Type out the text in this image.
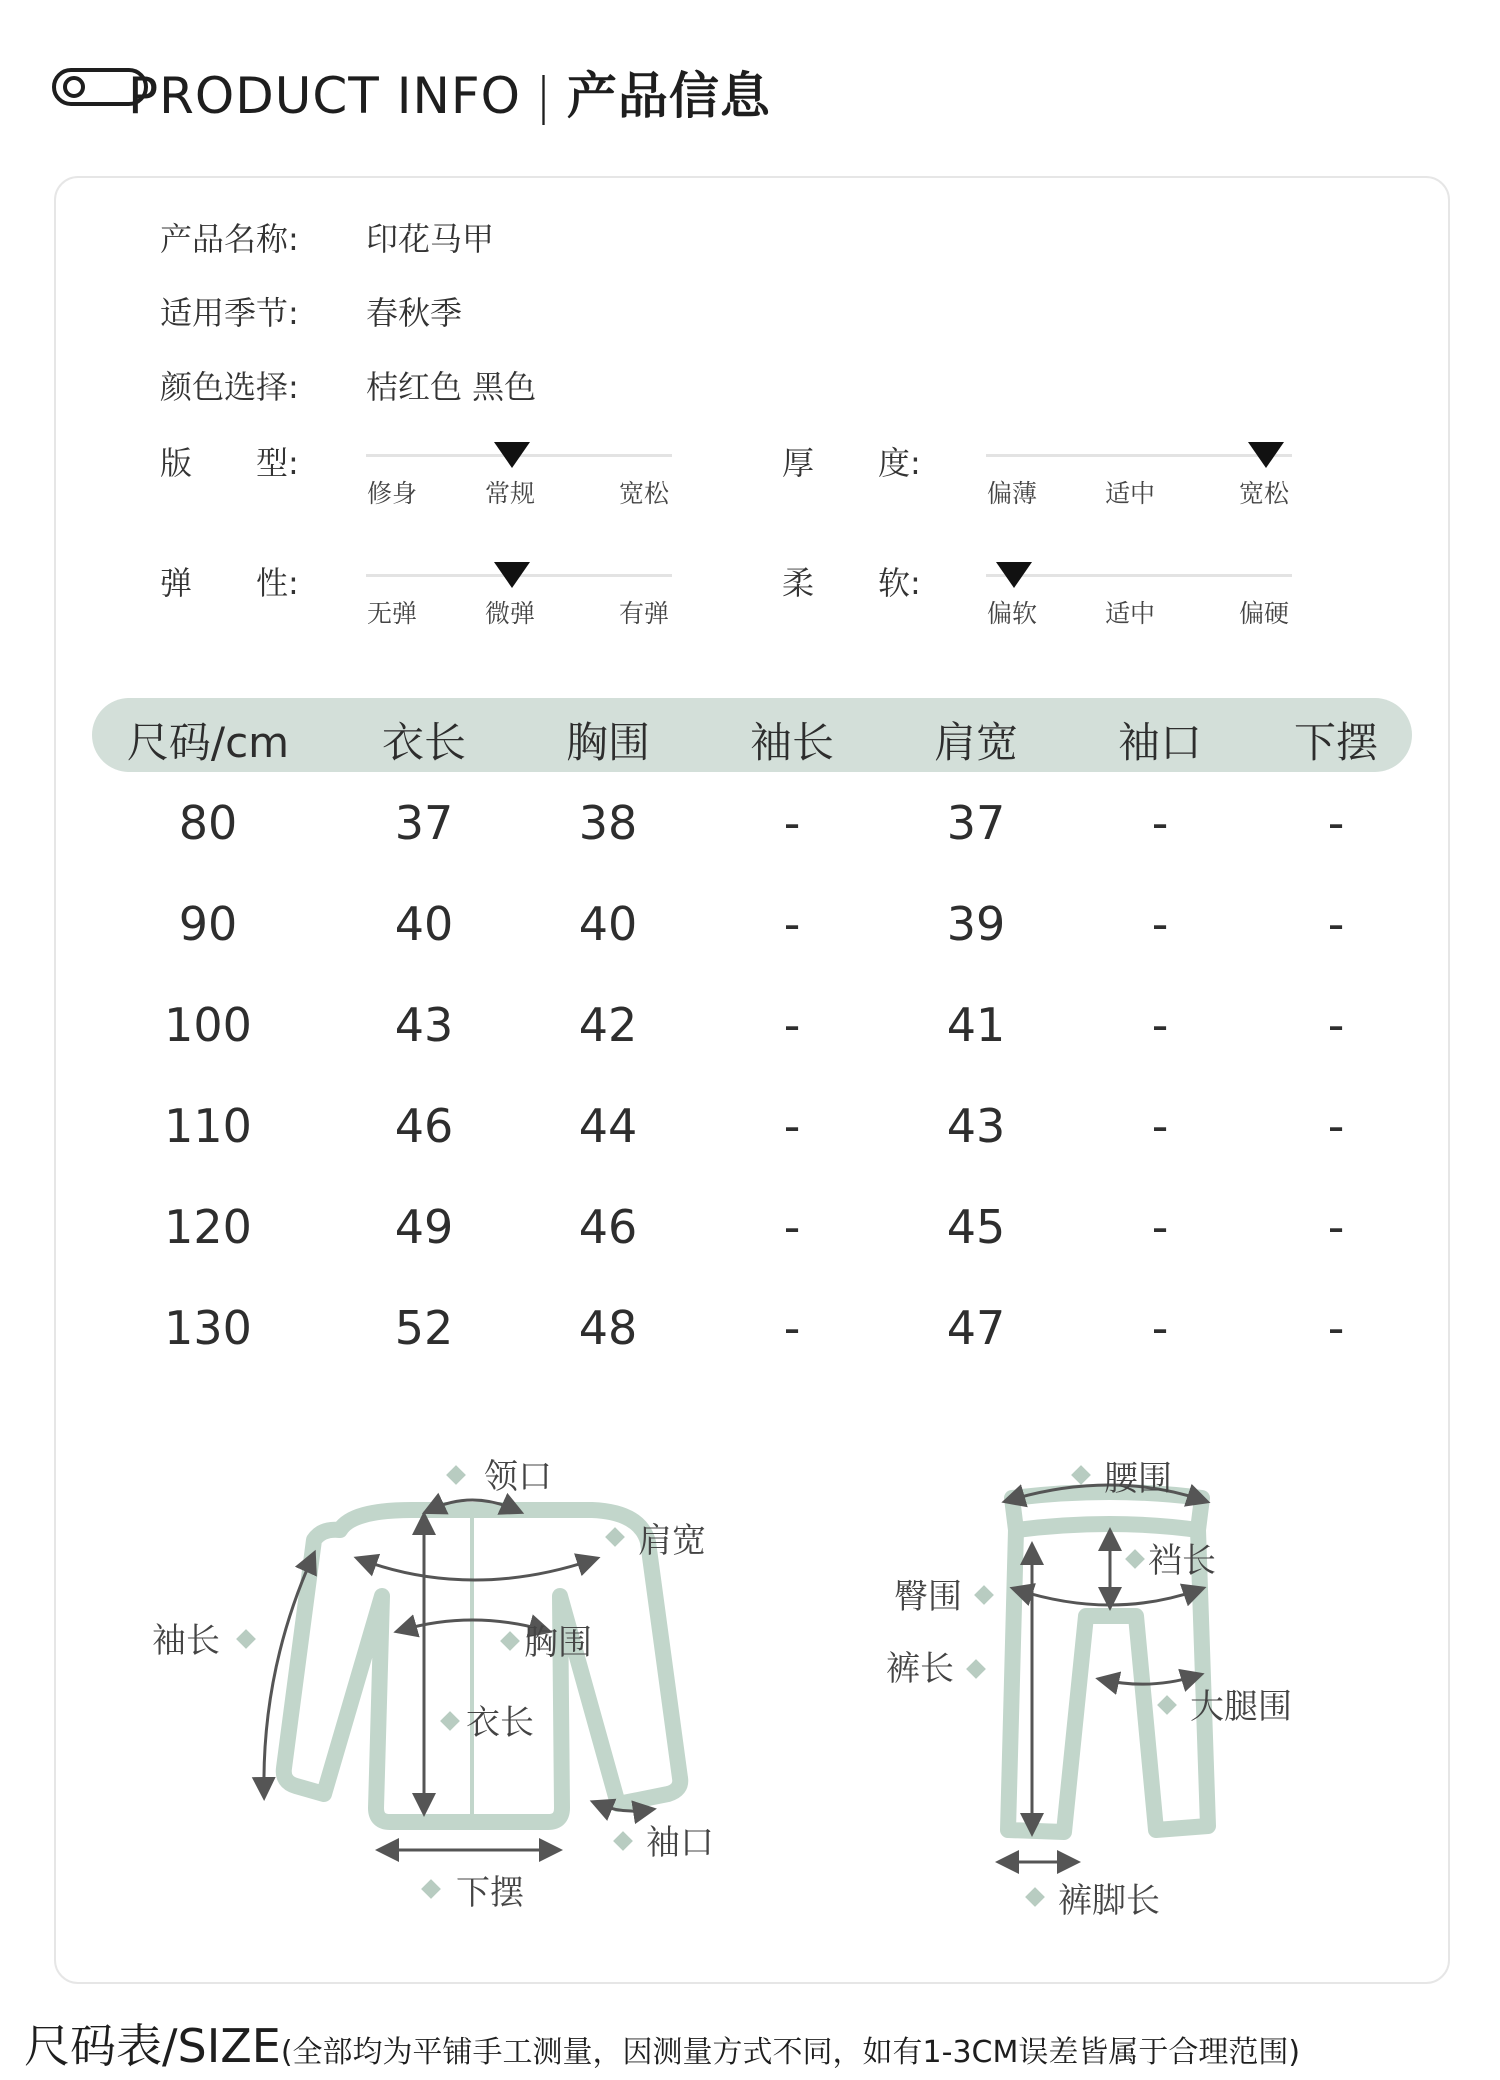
PRODUCT INFO | 产品信息
产品名称: 印花马甲
适用季节: 春秋季
颜色选择: 桔红色 黑色
版　　型:
修身	常规	宽松
厚　　度:
偏薄	适中	宽松
弹　　性:
无弹	微弹	有弹
柔　　软:
偏软	适中	偏硬
尺码/cm 衣长 胸围 袖长 肩宽 袖口 下摆
80	37	38	-	37	-	-
90	40	40	-	39	-	-
100	43	42	-	41	-	-
110	46	44	-	43	-	-
120	49	46	-	45	-	-
130	52	48	-	47	-	-
领口
肩宽
袖长	胸围
衣长
袖口
下摆
腰围
裆长
臀围
裤长
大腿围
裤脚长
尺码表/SIZE(全部均为平铺手工测量，因测量方式不同，如有1-3CM误差皆属于合理范围)
